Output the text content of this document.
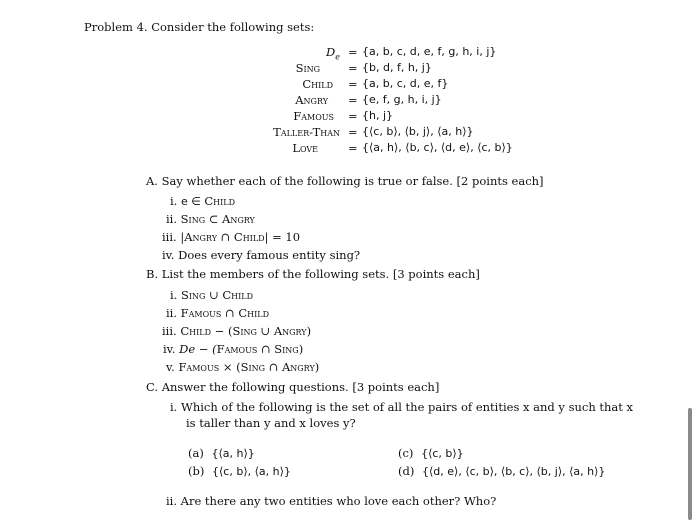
Problem 4. Consider the following sets:
$D_e = \{a$, b, c, d, e, f, g, h, i, j}
Sing = {b, d, f, h, j}
Child = {a, b, c, d, e, f}
Angry = {e, f, g, h, i, j}
Famous = {h, j}
Taller-Than = {⟨c, b⟩, ⟨b, j⟩, ⟨a, h⟩}
Love	= {⟨a, h⟩, ⟨b, c⟩, ⟨d, e⟩, ⟨c, b⟩}
A. Say whether each of the following is true or false. [2 points each]
i. e ∈ Child
ii. Sing ⊂ Angry
iii. |Angry ∩ Child| = 10
iv. Does every famous entity sing?
B. List the members of the following sets. [3 points each]
i. Sing ∪ Child
ii. Famous ∩ Child
iii. Child − (Sing ∪ Angry)
iv. De − (Famous ∩ Sing)
v. Famous × (Sing ∩ Angry)
C. Answer the following questions. [3 points each]
i. Which of the following is the set of all the pairs of entities x and y such that x
is taller than y and x loves y?
(a) {⟨a, h⟩}
(b) {⟨c, b⟩, ⟨a, h⟩}
(c) {⟨c, b⟩}
(d) {⟨d, e⟩, ⟨c, b⟩, ⟨b, c⟩, ⟨b, j⟩, ⟨a, h⟩}
ii. Are there any two entities who love each other? Who?
